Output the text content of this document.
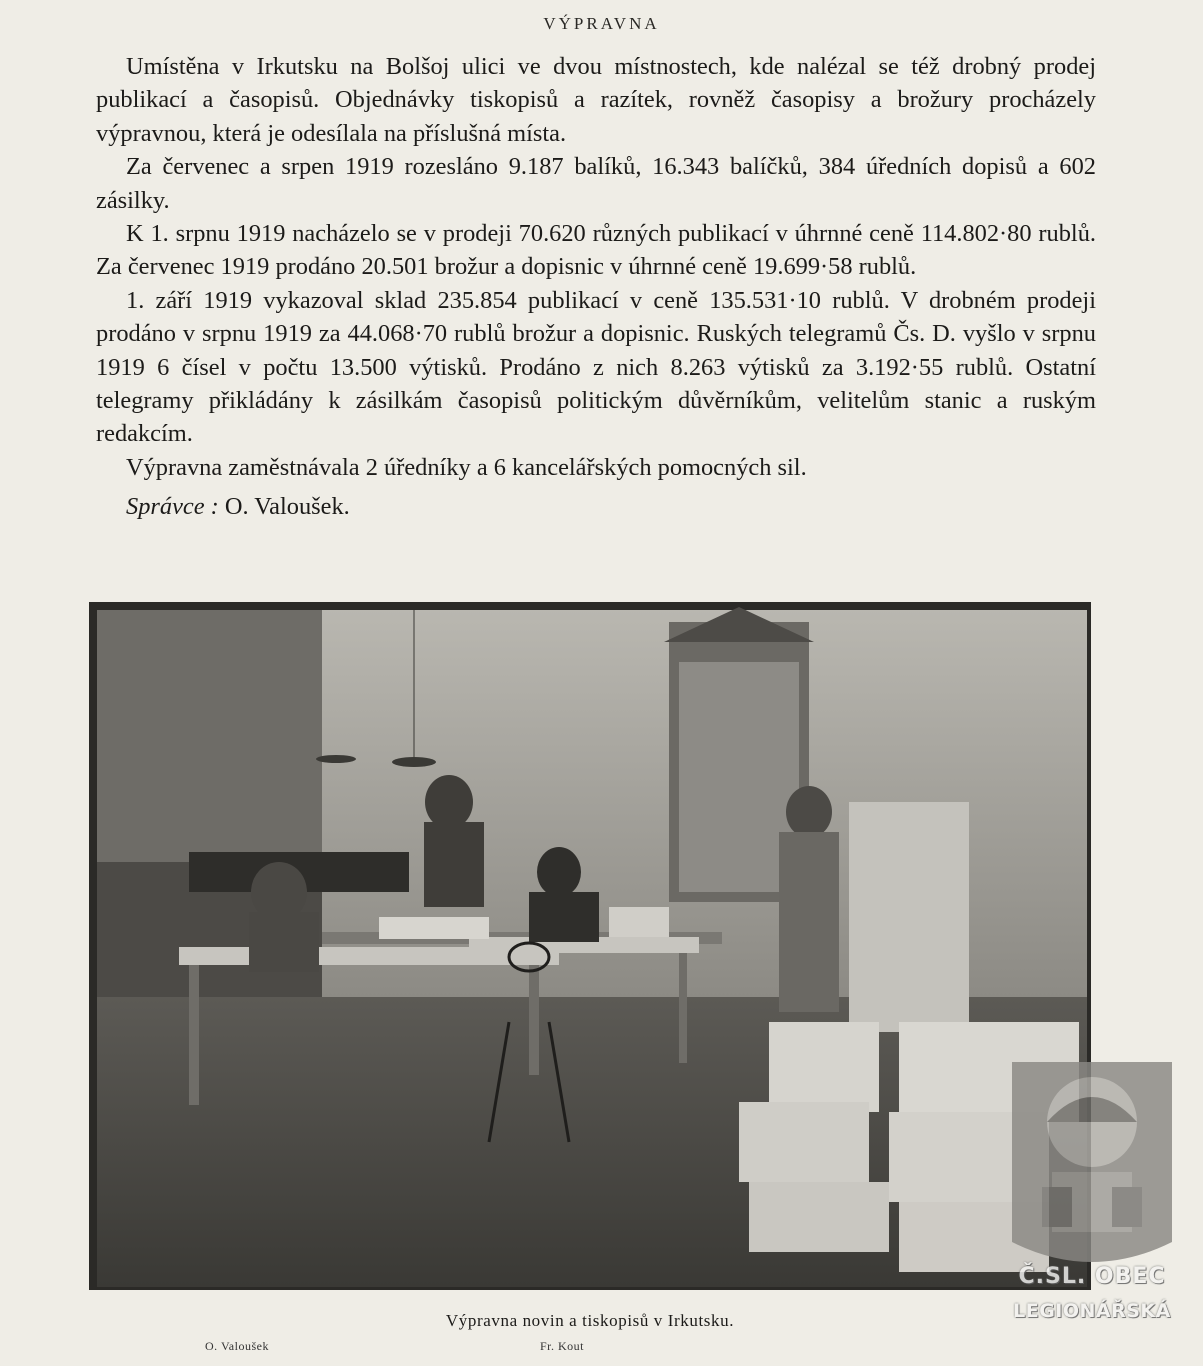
VÝPRAVNA

Umístěna v Irkutsku na Bolšoj ulici ve dvou místnostech, kde nalézal se též drobný prodej publikací a časopisů. Objednávky tiskopisů a razítek, rovněž časopisy a brožury procházely výpravnou, která je odesílala na příslušná místa.

Za červenec a srpen 1919 rozesláno 9.187 balíků, 16.343 balíčků, 384 úředních dopisů a 602 zásilky.

K 1. srpnu 1919 nacházelo se v prodeji 70.620 různých publikací v úhrnné ceně 114.802·80 rublů. Za červenec 1919 prodáno 20.501 brožur a dopisnic v úhrnné ceně 19.699·58 rublů.

1. září 1919 vykazoval sklad 235.854 publikací v ceně 135.531·10 rublů. V drobném prodeji prodáno v srpnu 1919 za 44.068·70 rublů brožur a dopisnic. Ruských telegramů Čs. D. vyšlo v srpnu 1919 6 čísel v počtu 13.500 výtisků. Prodáno z nich 8.263 výtisků za 3.192·55 rublů. Ostatní telegramy přikládány k zásilkám časopisů politickým důvěrníkům, velitelům stanic a ruským redakcím.

Výpravna zaměstnávala 2 úředníky a 6 kancelářských pomocných sil.

Správce : O. Valoušek.

Výpravna novin a tiskopisů v Irkutsku.
O. Valoušek	Fr. Kout
Č.SL. OBEC
LEGIONÁŘSKÁ
